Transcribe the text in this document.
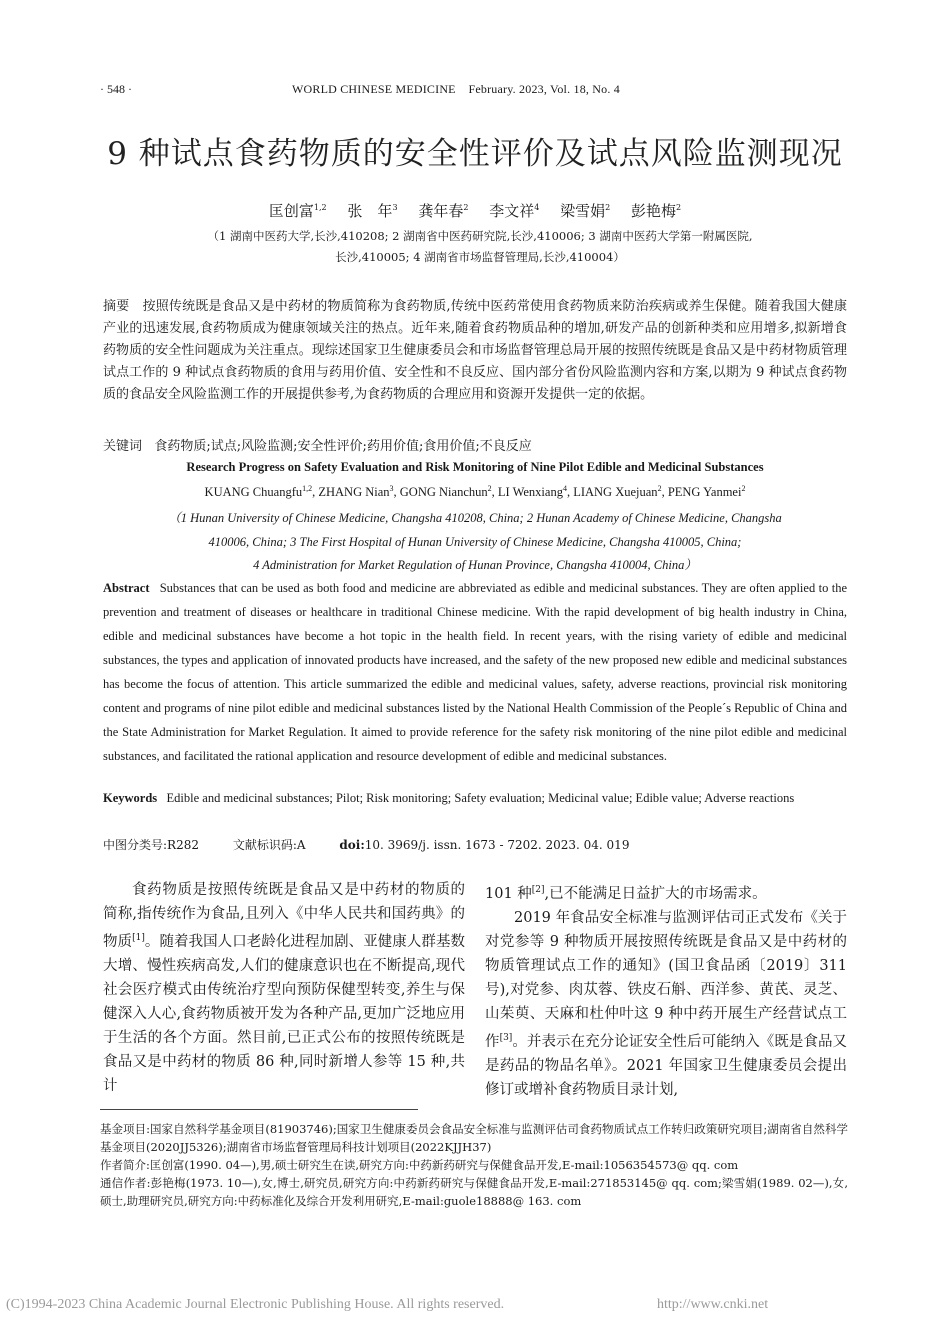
· 548 ·	WORLD CHINESE MEDICINE    February. 2023, Vol. 18, No. 4
9 种试点食药物质的安全性评价及试点风险监测现况
匡创富$^{1,2}$ 张　年$^3$ 龚年春$^2$ 李文祥$^4$ 梁雪娟$^2$ 彭艳梅$^2$
（1 湖南中医药大学,长沙,410208; 2 湖南省中医药研究院,长沙,410006; 3 湖南中医药大学第一附属医院,
长沙,410005; 4 湖南省市场监督管理局,长沙,410004）
摘要 按照传统既是食品又是中药材的物质简称为食药物质,传统中医药常使用食药物质来防治疾病或养生保健。随着我国大健康产业的迅速发展,食药物质成为健康领域关注的热点。近年来,随着食药物质品种的增加,研发产品的创新种类和应用增多,拟新增食药物质的安全性问题成为关注重点。现综述国家卫生健康委员会和市场监督管理总局开展的按照传统既是食品又是中药材物质管理试点工作的 9 种试点食药物质的食用与药用价值、安全性和不良反应、国内部分省份风险监测内容和方案,以期为 9 种试点食药物质的食品安全风险监测工作的开展提供参考,为食药物质的合理应用和资源开发提供一定的依据。
关键词 食药物质;试点;风险监测;安全性评价;药用价值;食用价值;不良反应
Research Progress on Safety Evaluation and Risk Monitoring of Nine Pilot Edible and Medicinal Substances
KUANG Chuangfu$^{1,2}$, ZHANG Nian$^3$, GONG Nianchun$^2$, LI Wenxiang$^4$, LIANG Xuejuan$^2$, PENG Yanmei$^2$
（1 Hunan University of Chinese Medicine, Changsha 410208, China; 2 Hunan Academy of Chinese Medicine, Changsha
410006, China; 3 The First Hospital of Hunan University of Chinese Medicine, Changsha 410005, China;
4 Administration for Market Regulation of Hunan Province, Changsha 410004, China）
Abstract Substances that can be used as both food and medicine are abbreviated as edible and medicinal substances. They are often applied to the prevention and treatment of diseases or healthcare in traditional Chinese medicine. With the rapid development of big health industry in China, edible and medicinal substances have become a hot topic in the health field. In recent years, with the rising variety of edible and medicinal substances, the types and application of innovated products have increased, and the safety of the new proposed new edible and medicinal substances has become the focus of attention. This article summarized the edible and medicinal values, safety, adverse reactions, provincial risk monitoring content and programs of nine pilot edible and medicinal substances listed by the National Health Commission of the People´s Republic of China and the State Administration for Market Regulation. It aimed to provide reference for the safety risk monitoring of the nine pilot edible and medicinal substances, and facilitated the rational application and resource development of edible and medicinal substances.
Keywords Edible and medicinal substances; Pilot; Risk monitoring; Safety evaluation; Medicinal value; Edible value; Adverse reactions
中图分类号:R282	文献标识码:A	doi:10. 3969/j. issn. 1673 - 7202. 2023. 04. 019

食药物质是按照传统既是食品又是中药材的物质的简称,指传统作为食品,且列入《中华人民共和国药典》的物质[1]。随着我国人口老龄化进程加剧、亚健康人群基数大增、慢性疾病高发,人们的健康意识也在不断提高,现代社会医疗模式由传统治疗型向预防保健型转变,养生与保健深入人心,食药物质被开发为各种产品,更加广泛地应用于生活的各个方面。然目前,已正式公布的按照传统既是食品又是中药材的物质 86 种,同时新增人参等 15 种,共计

101 种[2],已不能满足日益扩大的市场需求。

2019 年食品安全标准与监测评估司正式发布《关于对党参等 9 种物质开展按照传统既是食品又是中药材的物质管理试点工作的通知》(国卫食品函〔2019〕311 号),对党参、肉苁蓉、铁皮石斛、西洋参、黄芪、灵芝、山茱萸、天麻和杜仲叶这 9 种中药开展生产经营试点工作[3]。并表示在充分论证安全性后可能纳入《既是食品又是药品的物品名单》。2021 年国家卫生健康委员会提出修订或增补食药物质目录计划,

基金项目:国家自然科学基金项目(81903746);国家卫生健康委员会食品安全标准与监测评估司食药物质试点工作转归政策研究项目;湖南省自然科学基金项目(2020JJ5326);湖南省市场监督管理局科技计划项目(2022KJJH37)

作者简介:匡创富(1990. 04—),男,硕士研究生在读,研究方向:中药新药研究与保健食品开发,E-mail:1056354573@ qq. com

通信作者:彭艳梅(1973. 10—),女,博士,研究员,研究方向:中药新药研究与保健食品开发,E-mail:271853145@ qq. com;梁雪娟(1989. 02—),女,硕士,助理研究员,研究方向:中药标准化及综合开发利用研究,E-mail:guole18888@ 163. com

(C)1994-2023 China Academic Journal Electronic Publishing House. All rights reserved.	http://www.cnki.net
